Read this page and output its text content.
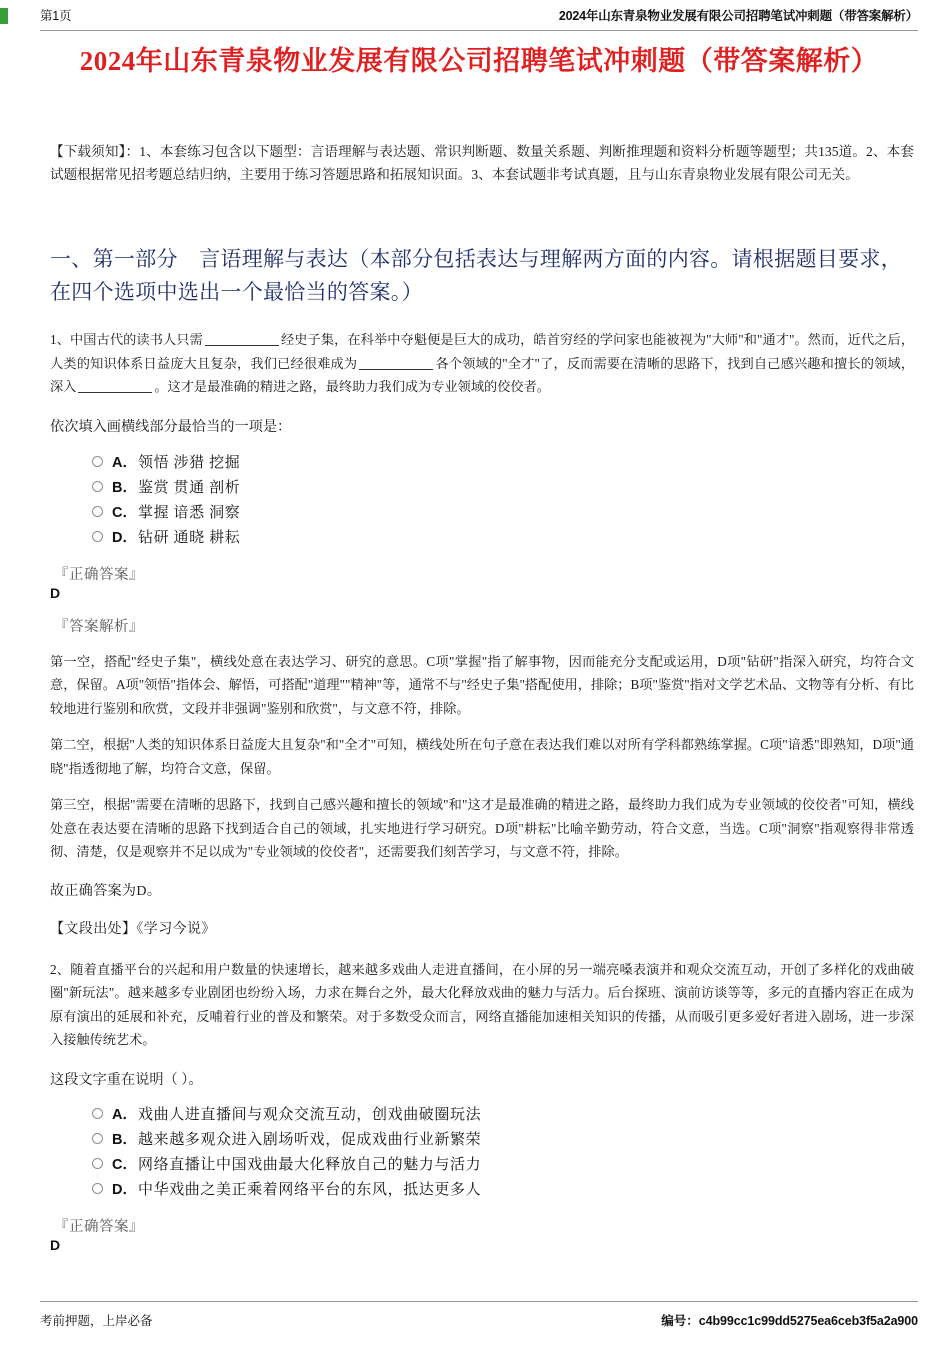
第1页	2024年山东青泉物业发展有限公司招聘笔试冲刺题（带答案解析）
2024年山东青泉物业发展有限公司招聘笔试冲刺题（带答案解析）
【下载须知】：1、本套练习包含以下题型：言语理解与表达题、常识判断题、数量关系题、判断推理题和资料分析题等题型；共135道。2、本套试题根据常见招考题总结归纳，主要用于练习答题思路和拓展知识面。3、本套试题非考试真题，且与山东青泉物业发展有限公司无关。
一、第一部分　言语理解与表达（本部分包括表达与理解两方面的内容。请根据题目要求，在四个选项中选出一个最恰当的答案。）
1、中国古代的读书人只需	经史子集，在科举中夺魁便是巨大的成功，皓首穷经的学问家也能被视为"大师"和"通才"。然而，近代之后，人类的知识体系日益庞大且复杂，我们已经很难成为	各个领域的"全才"了，反而需要在清晰的思路下，找到自己感兴趣和擅长的领域，深入	。这才是最准确的精进之路，最终助力我们成为专业领域的佼佼者。
依次填入画横线部分最恰当的一项是：
A． 领悟 涉猎 挖掘
B． 鉴赏 贯通 剖析
C． 掌握 谙悉 洞察
D． 钻研 通晓 耕耘
『正确答案』
D
『答案解析』
第一空，搭配"经史子集"，横线处意在表达学习、研究的意思。C项"掌握"指了解事物，因而能充分支配或运用，D项"钻研"指深入研究，均符合文意，保留。A项"领悟"指体会、解悟，可搭配"道理""精神"等，通常不与"经史子集"搭配使用，排除；B项"鉴赏"指对文学艺术品、文物等有分析、有比较地进行鉴别和欣赏，文段并非强调"鉴别和欣赏"，与文意不符，排除。
第二空，根据"人类的知识体系日益庞大且复杂"和"全才"可知，横线处所在句子意在表达我们难以对所有学科都熟练掌握。C项"谙悉"即熟知，D项"通晓"指透彻地了解，均符合文意，保留。
第三空，根据"需要在清晰的思路下，找到自己感兴趣和擅长的领域"和"这才是最准确的精进之路，最终助力我们成为专业领域的佼佼者"可知，横线处意在表达要在清晰的思路下找到适合自己的领域，扎实地进行学习研究。D项"耕耘"比喻辛勤劳动，符合文意，当选。C项"洞察"指观察得非常透彻、清楚，仅是观察并不足以成为"专业领域的佼佼者"，还需要我们刻苦学习，与文意不符，排除。
故正确答案为D。
【文段出处】《学习今说》
2、随着直播平台的兴起和用户数量的快速增长，越来越多戏曲人走进直播间，在小屏的另一端亮嗓表演并和观众交流互动，开创了多样化的戏曲破圈"新玩法"。越来越多专业剧团也纷纷入场，力求在舞台之外，最大化释放戏曲的魅力与活力。后台探班、演前访谈等等，多元的直播内容正在成为原有演出的延展和补充，反哺着行业的普及和繁荣。对于多数受众而言，网络直播能加速相关知识的传播，从而吸引更多爱好者进入剧场，进一步深入接触传统艺术。
这段文字重在说明（ ）。
A． 戏曲人进直播间与观众交流互动，创戏曲破圈玩法
B． 越来越多观众进入剧场听戏，促成戏曲行业新繁荣
C． 网络直播让中国戏曲最大化释放自己的魅力与活力
D． 中华戏曲之美正乘着网络平台的东风，抵达更多人
『正确答案』
D
考前押题，上岸必备	编号：c4b99cc1c99dd5275ea6ceb3f5a2a900
